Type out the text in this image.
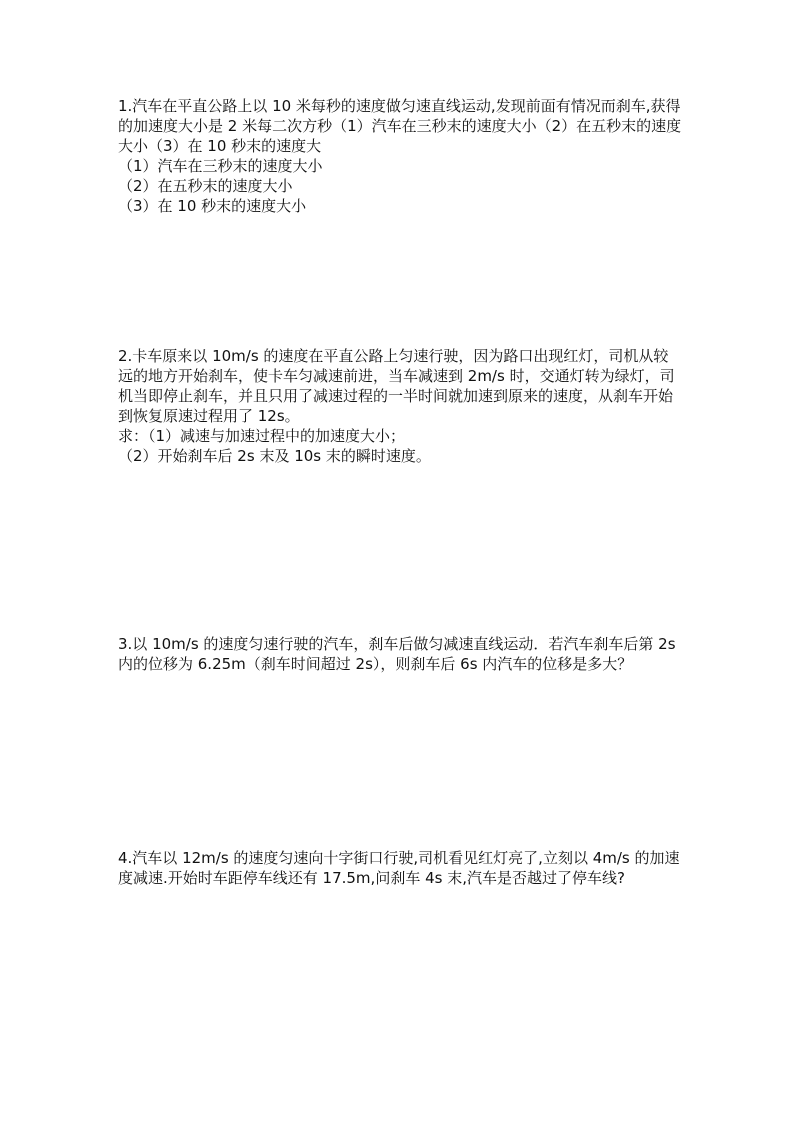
1.汽车在平直公路上以 10 米每秒的速度做匀速直线运动,发现前面有情况而刹车,获得的加速度大小是 2 米每二次方秒（1）汽车在三秒末的速度大小（2）在五秒末的速度大小（3）在 10 秒末的速度大

（1）汽车在三秒末的速度大小

（2）在五秒末的速度大小

（3）在 10 秒末的速度大小

2.卡车原来以 10m/s 的速度在平直公路上匀速行驶，因为路口出现红灯，司机从较远的地方开始刹车，使卡车匀减速前进，当车减速到 2m/s 时，交通灯转为绿灯，司机当即停止刹车，并且只用了减速过程的一半时间就加速到原来的速度，从刹车开始到恢复原速过程用了 12s。

求：（1）减速与加速过程中的加速度大小；

（2）开始刹车后 2s 末及 10s 末的瞬时速度。

3.以 10m/s 的速度匀速行驶的汽车，刹车后做匀减速直线运动．若汽车刹车后第 2s 内的位移为 6.25m（刹车时间超过 2s），则刹车后 6s 内汽车的位移是多大？

4.汽车以 12m/s 的速度匀速向十字街口行驶,司机看见红灯亮了,立刻以 4m/s 的加速度减速.开始时车距停车线还有 17.5m,问刹车 4s 末,汽车是否越过了停车线?
